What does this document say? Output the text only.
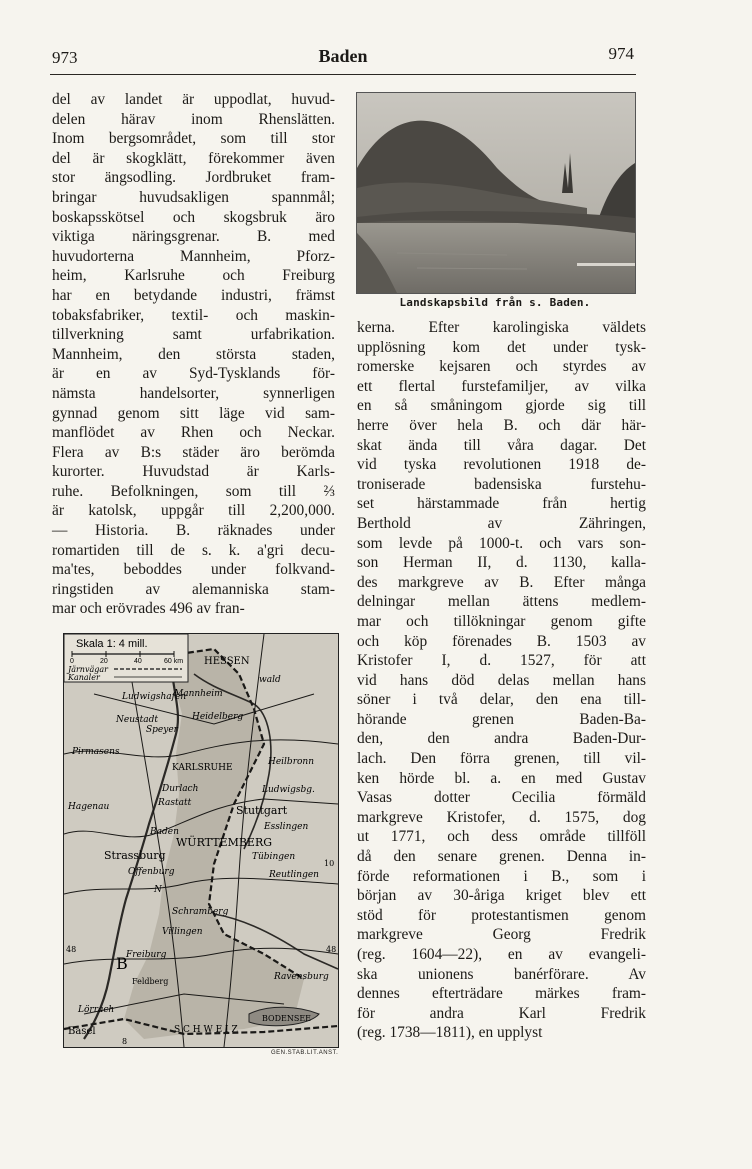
973	Baden	974
del av landet är uppodlat, huvud-
delen härav inom Rhenslätten.
Inom bergsområdet, som till stor
del är skogklätt, förekommer även
stor ängsodling. Jordbruket fram-
bringar huvudsakligen spannmål;
boskapsskötsel och skogsbruk äro
viktiga näringsgrenar. B. med
huvudorterna Mannheim, Pforz-
heim, Karlsruhe och Freiburg
har en betydande industri, främst
tobaksfabriker, textil- och maskin-
tillverkning samt urfabrikation.
Mannheim, den största staden,
är en av Syd-Tysklands för-
nämsta handelsorter, synnerligen
gynnad genom sitt läge vid sam-
manflödet av Rhen och Neckar.
Flera av B:s städer äro berömda
kurorter. Huvudstad är Karls-
ruhe. Befolkningen, som till ⅔
är katolsk, uppgår till 2,200,000.
— Historia. B. räknades under
romartiden till de s. k. a'gri decu-
ma'tes, beboddes under folkvand-
ringstiden av alemanniska stam-
mar och erövrades 496 av fran-
Landskapsbild från s. Baden.
kerna. Efter karolingiska väldets
upplösning kom det under tysk-
romerske kejsaren och styrdes av
ett flertal furstefamiljer, av vilka
en så småningom gjorde sig till
herre över hela B. och där här-
skat ända till våra dagar. Det
vid tyska revolutionen 1918 de-
troniserade badensiska furstehu-
set härstammade från hertig
Berthold av Zähringen,
som levde på 1000-t. och vars son-
son Herman II, d. 1130, kalla-
des markgreve av B. Efter många
delningar mellan ättens medlem-
mar och tillökningar genom gifte
och köp förenades B. 1503 av
Kristofer I, d. 1527, för att
vid hans död delas mellan hans
söner i två delar, den ena till-
hörande grenen Baden-Ba-
den, den andra Baden-Dur-
lach. Den förra grenen, till vil-
ken hörde bl. a. en med Gustav
Vasas dotter Cecilia förmäld
markgreve Kristofer, d. 1575, dog
ut 1771, och dess område tillföll
då den senare grenen. Denna in-
förde reformationen i B., som i
början av 30-åriga kriget blev ett
stöd för protestantismen genom
markgreve Georg Fredrik
(reg. 1604—22), en av evangeli-
ska unionens banérförare. Av
dennes efterträdare märkes fram-
för andra Karl Fredrik
(reg. 1738—1811), en upplyst
Skala 1: 4 mill.
0	20	40	60 km
Järnvägar
Kanaler
HESSEN
wald
Ludwigshafen
Mannheim
Neustadt
Speyer
Heidelberg
Pirmasens
KARLSRUHE
Heilbronn
Durlach
Rastatt
Ludwigsbg.
Hagenau	Stuttgart
Esslingen
Baden
WÜRTTEMBERG
Strassburg	Tübingen
Offenburg	Reutlingen
N
Schramberg
Villingen
Freiburg
Feldberg	Ravensburg
Lörrach
Basel	S C H W E I Z
BODENSEE
B
48	48
8
10
GEN.STAB.LIT.ANST.
